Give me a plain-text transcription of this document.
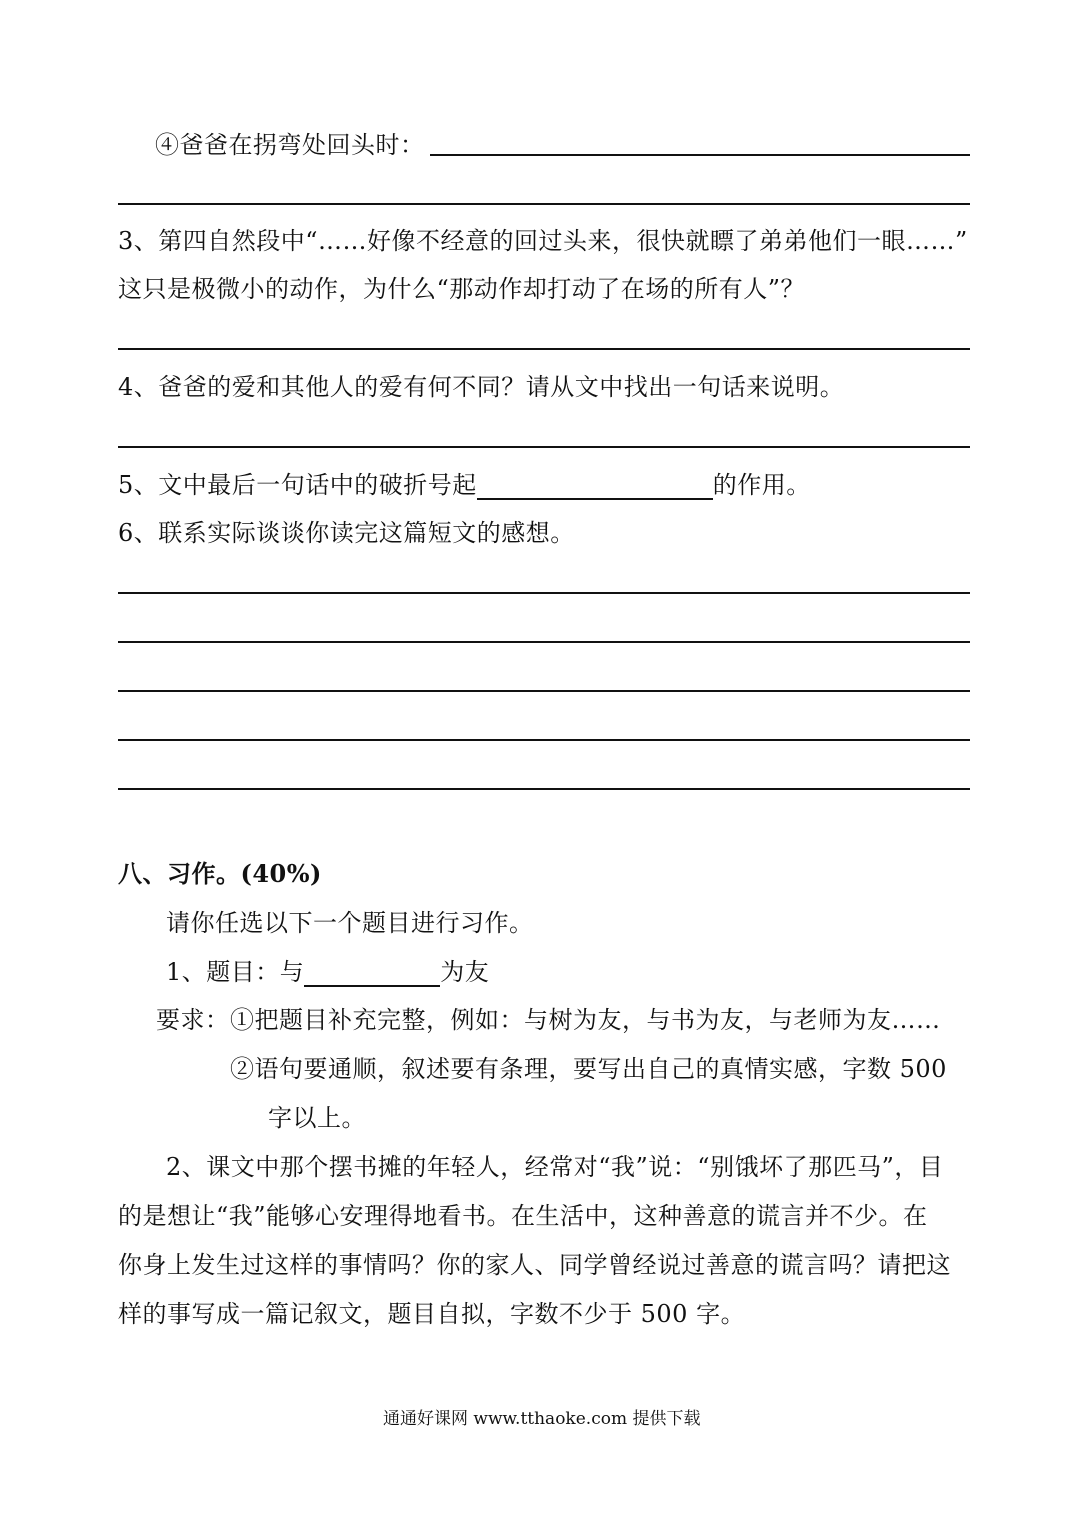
④爸爸在拐弯处回头时：
3、第四自然段中“……好像不经意的回过头来，很快就瞟了弟弟他们一眼……”
这只是极微小的动作，为什么“那动作却打动了在场的所有人”？
4、爸爸的爱和其他人的爱有何不同？请从文中找出一句话来说明。
5、文中最后一句话中的破折号起	的作用。
6、联系实际谈谈你读完这篇短文的感想。
八、习作。(40%)
请你任选以下一个题目进行习作。
1、题目：与	为友
要求： ①把题目补充完整，例如：与树为友，与书为友，与老师为友……
②语句要通顺，叙述要有条理，要写出自己的真情实感，字数 500
字以上。
2、课文中那个摆书摊的年轻人，经常对“我”说：“别饿坏了那匹马”，目
的是想让“我”能够心安理得地看书。在生活中，这种善意的谎言并不少。在
你身上发生过这样的事情吗？你的家人、同学曾经说过善意的谎言吗？请把这
样的事写成一篇记叙文，题目自拟，字数不少于 500 字。
通通好课网 www.tthaoke.com 提供下载
